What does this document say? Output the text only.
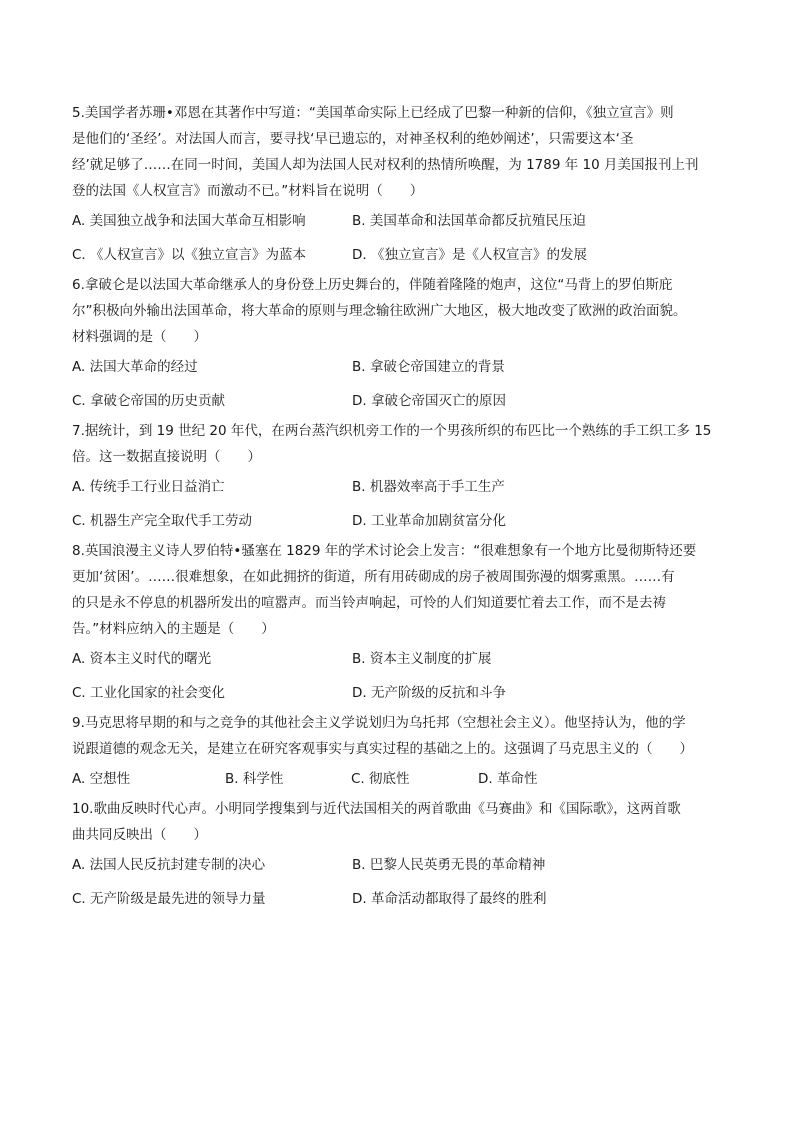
5.美国学者苏珊•邓恩在其著作中写道：“美国革命实际上已经成了巴黎一种新的信仰，《独立宣言》则
是他们的‘圣经’。对法国人而言，要寻找‘早已遗忘的，对神圣权利的绝妙阐述’，只需要这本‘圣
经’就足够了……在同一时间，美国人却为法国人民对权利的热情所唤醒，为 1789 年 10 月美国报刊上刊
登的法国《人权宣言》而激动不已。”材料旨在说明（　　）

A. 美国独立战争和法国大革命互相影响	B. 美国革命和法国革命都反抗殖民压迫
C. 《人权宣言》以《独立宣言》为蓝本	D. 《独立宣言》是《人权宣言》的发展

6.拿破仑是以法国大革命继承人的身份登上历史舞台的，伴随着隆隆的炮声，这位“马背上的罗伯斯庇
尔”积极向外输出法国革命，将大革命的原则与理念输往欧洲广大地区，极大地改变了欧洲的政治面貌。
材料强调的是（　　）

A. 法国大革命的经过	B. 拿破仑帝国建立的背景
C. 拿破仑帝国的历史贡献	D. 拿破仑帝国灭亡的原因

7.据统计，到 19 世纪 20 年代，在两台蒸汽织机旁工作的一个男孩所织的布匹比一个熟练的手工织工多 15
倍。这一数据直接说明（　　）

A. 传统手工行业日益消亡	B. 机器效率高于手工生产
C. 机器生产完全取代手工劳动	D. 工业革命加剧贫富分化

8.英国浪漫主义诗人罗伯特•骚塞在 1829 年的学术讨论会上发言：“很难想象有一个地方比曼彻斯特还要
更加‘贫困’。……很难想象，在如此拥挤的街道，所有用砖砌成的房子被周围弥漫的烟雾熏黑。……有
的只是永不停息的机器所发出的喧嚣声。而当铃声响起，可怜的人们知道要忙着去工作，而不是去祷
告。”材料应纳入的主题是（　　）

A. 资本主义时代的曙光	B. 资本主义制度的扩展
C. 工业化国家的社会变化	D. 无产阶级的反抗和斗争

9.马克思将早期的和与之竞争的其他社会主义学说划归为乌托邦（空想社会主义）。他坚持认为，他的学
说跟道德的观念无关，是建立在研究客观事实与真实过程的基础之上的。这强调了马克思主义的（　　）

A. 空想性	B. 科学性	C. 彻底性	D. 革命性

10.歌曲反映时代心声。小明同学搜集到与近代法国相关的两首歌曲《马赛曲》和《国际歌》，这两首歌
曲共同反映出（　　）

A. 法国人民反抗封建专制的决心	B. 巴黎人民英勇无畏的革命精神
C. 无产阶级是最先进的领导力量	D. 革命活动都取得了最终的胜利
